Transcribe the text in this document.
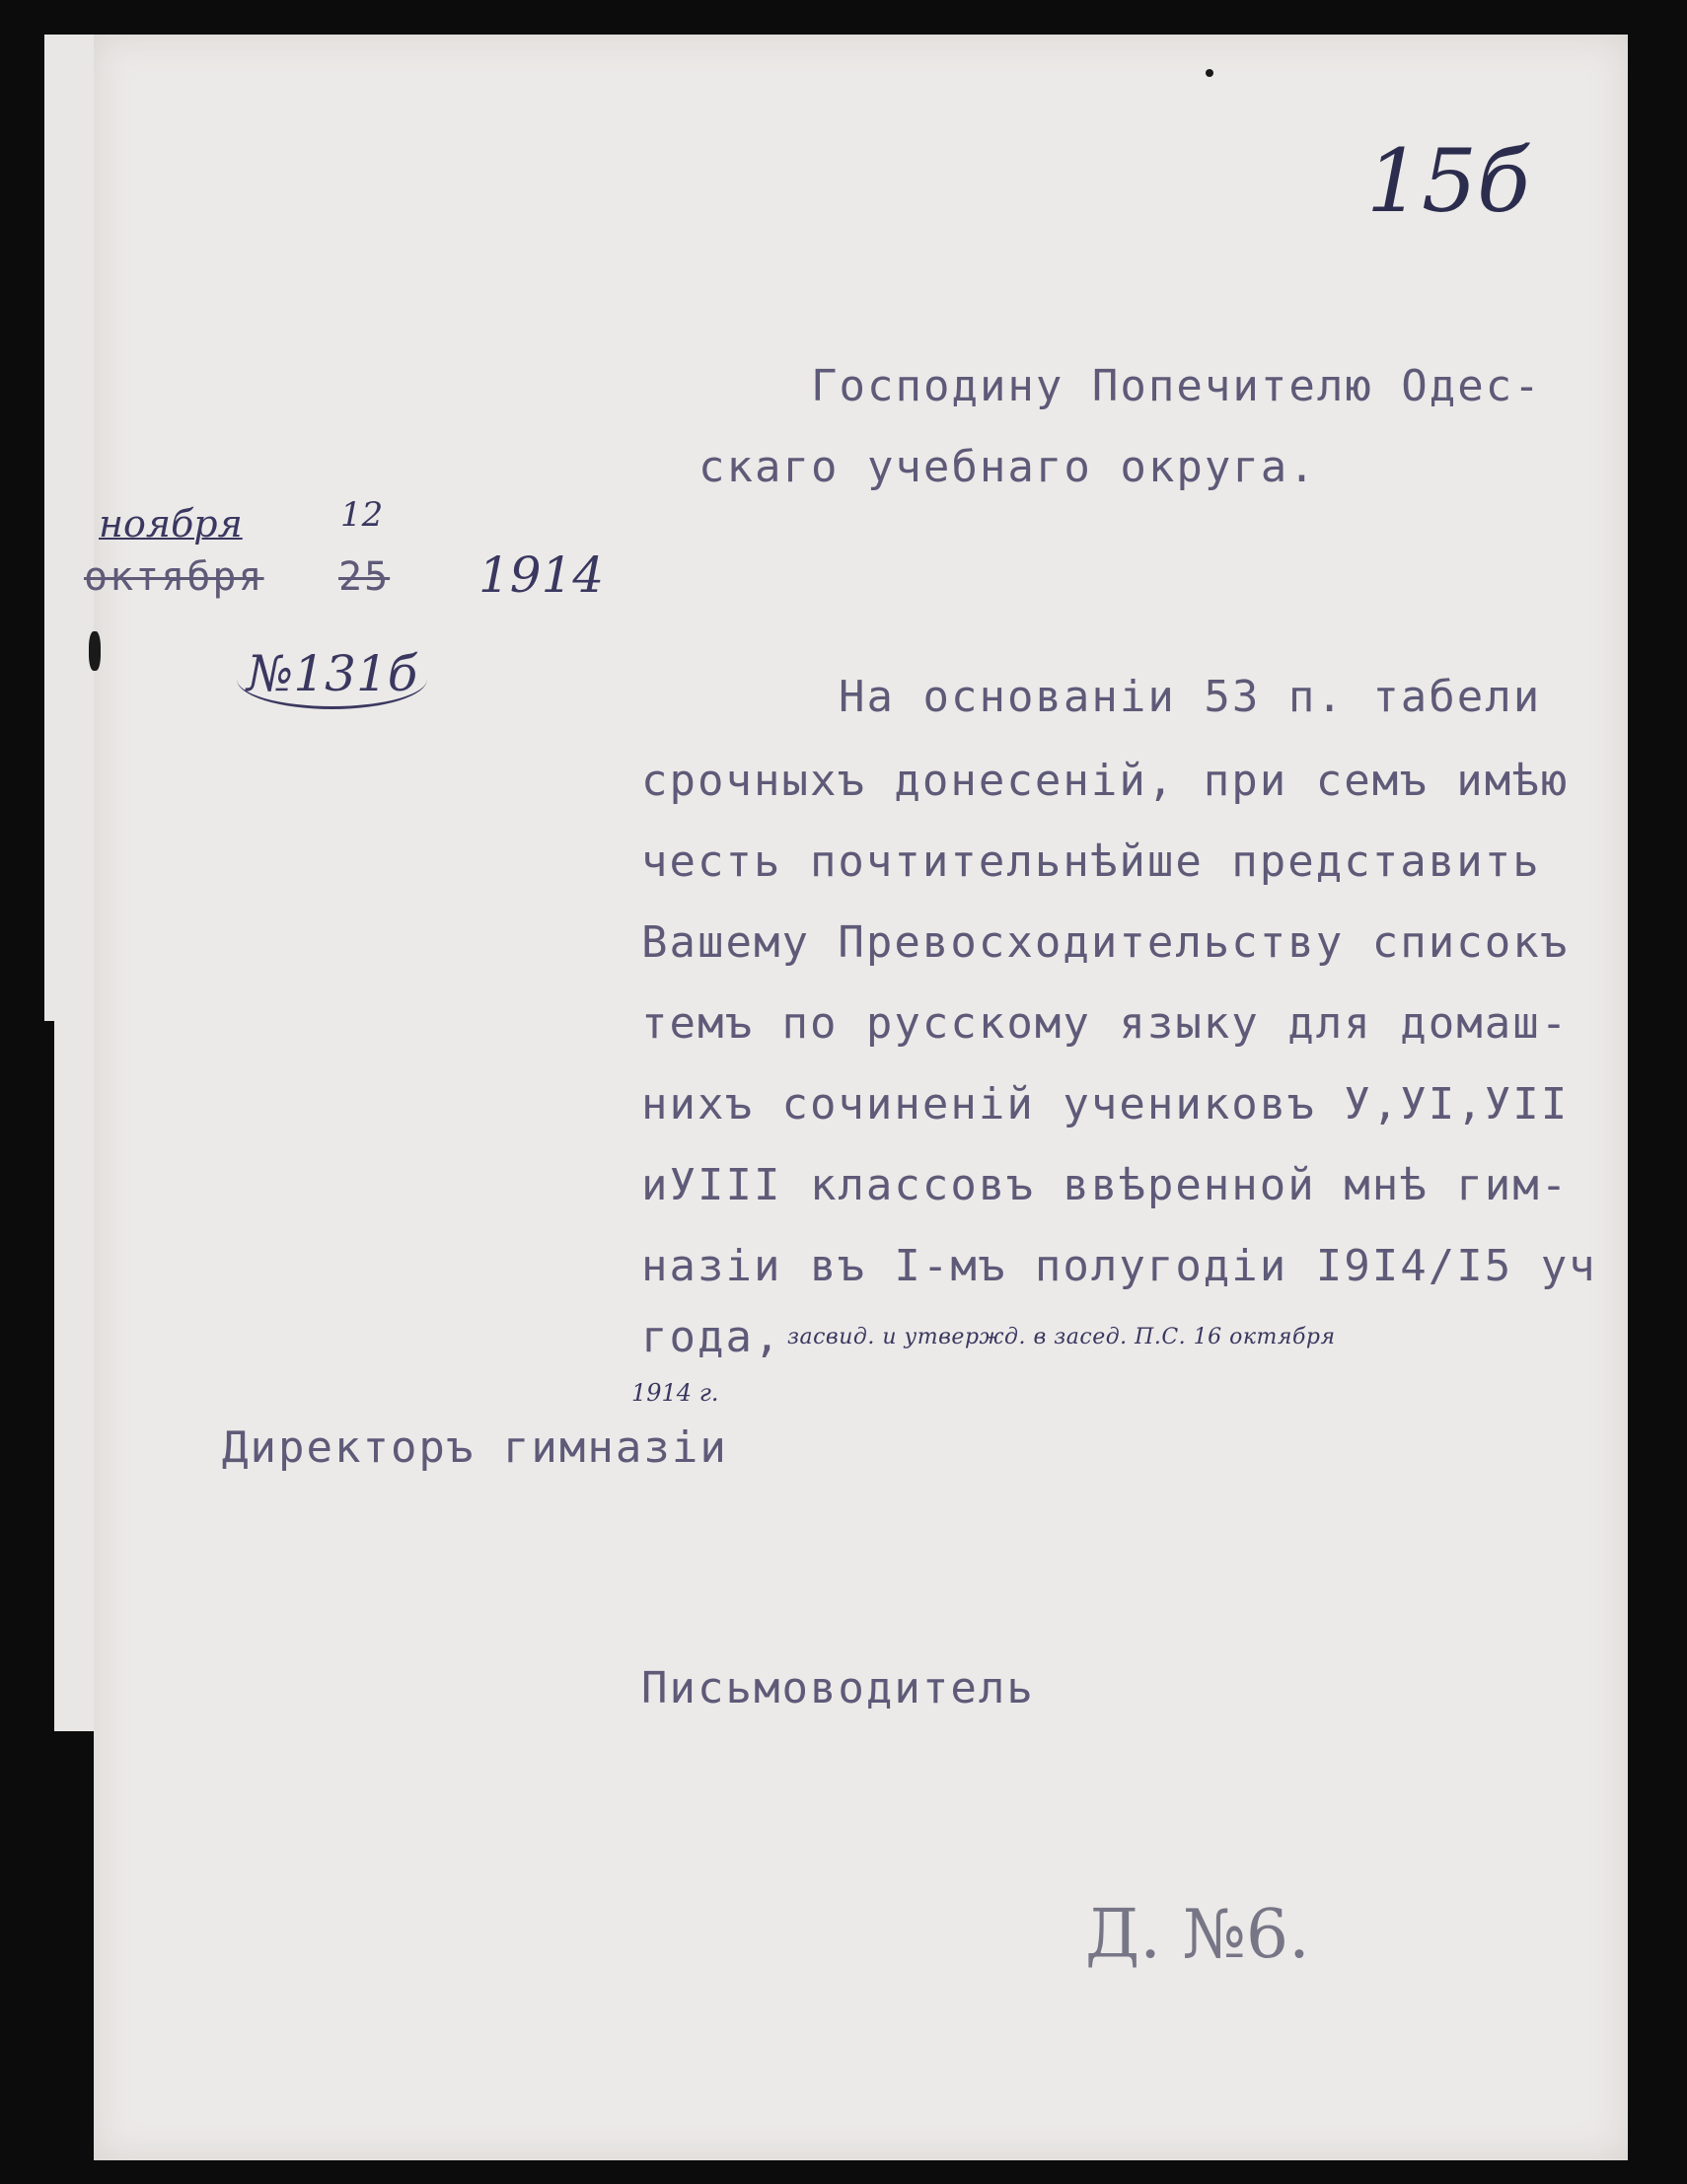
15б
Господину Попечителю Одес-
скаго учебнаго округа.
ноября	12
октября 25 1914
№131б	На основанiи 53 п. табели
срочныхъ донесенiй, при семъ имѣю
честь почтительнѣйше представить
Вашему Превосходительству списокъ
темъ по русскому языку для домаш-
нихъ сочиненiй учениковъ У,УI,УII
иУIII классовъ ввѣренной мнѣ гим-
назiи въ I-мъ полугодiи I9I4/I5 уч
года, засвид. и утвержд. в засед. П.С. 16 октября
1914 г.
Директоръ гимназiи
Письмоводитель
Д. №6.
